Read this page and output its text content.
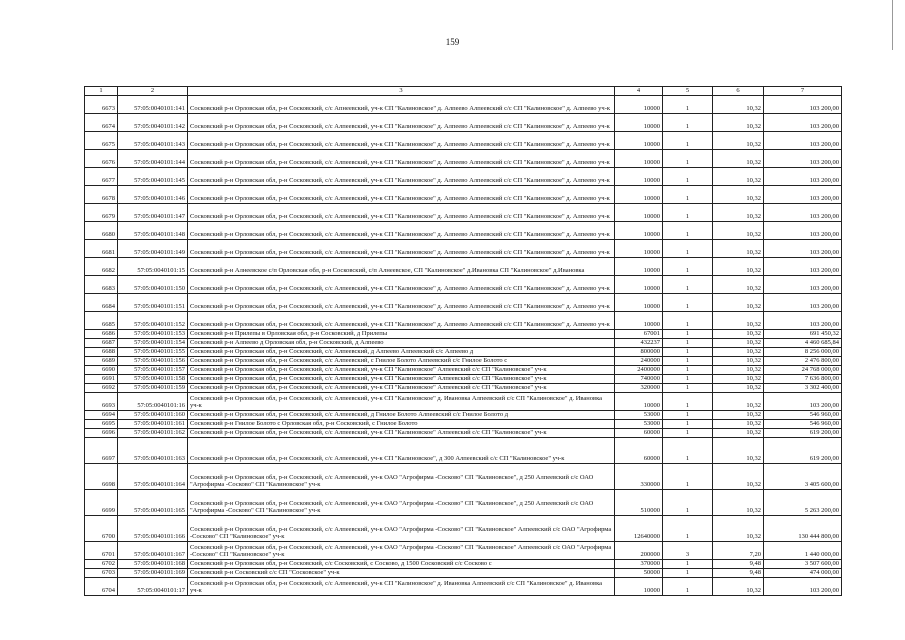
159
1	2	3	4	5	6	7
6673	57:05:0040101:141	Сосковский р-н Орловская обл, р-н Сосковский, с/с Апнеевский, уч-к СП "Калиновское" д. Алпеево Алпеевский с/с СП "Калиновское" д. Алпеево уч-к	10000	1	10,32	103 200,00
6674	57:05:0040101:142	Сосковский р-н Орловская обл, р-н Сосковский, с/с Алпеевский, уч-к СП "Калиновское" д. Алпеево Алпеевский с/с СП "Калиновское" д. Алпеево уч-к	10000	1	10,32	103 200,00
6675	57:05:0040101:143	Сосковский р-н Орловская обл, р-н Сосковский, с/с Алпеевский, уч-к СП "Калиновское" д. Алпеево Алпеевский с/с СП "Калиновское" д. Алпеево уч-к	10000	1	10,32	103 200,00
6676	57:05:0040101:144	Сосковский р-н Орловская обл, р-н Сосковский, с/с Алпеевский, уч-к СП "Калиновское" д. Алпеево Алпеевский с/с СП "Калиновское" д. Алпеево уч-к	10000	1	10,32	103 200,00
6677	57:05:0040101:145	Сосковский р-н Орловская обл, р-н Сосковский, с/с Алпеевский, уч-к СП "Калиновское" д. Алпеево Алпеевский с/с СП "Калиновское" д. Алпеево уч-к	10000	1	10,32	103 200,00
6678	57:05:0040101:146	Сосковский р-н Орловская обл, р-н Сосковский, с/с Алпеевский, уч-к СП "Калиновское" д. Алпеево Алпеевский с/с СП "Калиновское" д. Алпеево уч-к	10000	1	10,32	103 200,00
6679	57:05:0040101:147	Сосковский р-н Орловская обл, р-н Сосковский, с/с Алпеевский, уч-к СП "Калиновское" д. Алпеево Алпеевский с/с СП "Калиновское" д. Алпеево уч-к	10000	1	10,32	103 200,00
6680	57:05:0040101:148	Сосковский р-н Орловская обл, р-н Сосковский, с/с Алпеевский, уч-к СП "Калиновское" д. Алпеево Алпеевский с/с СП "Калиновское" д. Алпеево уч-к	10000	1	10,32	103 200,00
6681	57:05:0040101:149	Сосковский р-н Орловская обл, р-н Сосковский, с/с Алпеевский, уч-к СП "Калиновское" д. Алпеево Алпеевский с/с СП "Калиновское" д. Алпеево уч-к	10000	1	10,32	103 200,00
6682	57:05:0040101:15	Сосковский р-н Алнеевское с/п Орловская обл, р-н Сосковский, с/п Алнеевское, СП "Калиновское" д.Ивановка СП "Калиновское" д.Ивановка	10000	1	10,32	103 200,00
6683	57:05:0040101:150	Сосковский р-н Орловская обл, р-н Сосковский, с/с Алпеевский, уч-к СП "Калиновское" д. Алпеево Алпеевский с/с СП "Калиновское" д. Алпеево уч-к	10000	1	10,32	103 200,00
6684	57:05:0040101:151	Сосковский р-н Орловская обл, р-н Сосковский, с/с Алпеевский, уч-к СП "Калиновское" д. Алпеево Алпеевский с/с СП "Калиновское" д. Алпеево уч-к	10000	1	10,32	103 200,00
6685	57:05:0040101:152	Сосковский р-н Орловская обл, р-н Сосковский, с/с Алпеевский, уч-к СП "Калиновское" д. Алпеево Алпеевский с/с СП "Калиновское" д. Алпеево уч-к	10000	1	10,32	103 200,00
6686	57:05:0040101:153	Сосковский р-н Прилепы в Орловская обл, р-н Сосковский, д Прилепы	67001	1	10,32	691 450,32
6687	57:05:0040101:154	Сосковский р-н Алпеево д Орловская обл, р-н Сосковский, д Алпеево	432237	1	10,32	4 460 685,84
6688	57:05:0040101:155	Сосковский р-н Орловская обл, р-н Сосковский, с/с Алпеевский, д Алпеево Алпеевский с/с Алпеево д	800000	1	10,32	8 256 000,00
6689	57:05:0040101:156	Сосковский р-н Орловская обл, р-н Сосковский, с/с Алпеевский, с Гнилое Болото Алпеевский с/с Гнилое Болото с	240000	1	10,32	2 476 800,00
6690	57:05:0040101:157	Сосковский р-н Орловская обл, р-н Сосковский, с/с Алпеевский, уч-к СП "Калиновское" Алпеевский с/с СП "Калиновское" уч-к	2400000	1	10,32	24 768 000,00
6691	57:05:0040101:158	Сосковский р-н Орловская обл, р-н Сосковский, с/с Алпеевский, уч-к СП "Калиновское" Алпеевский с/с СП "Калиновское" уч-к	740000	1	10,32	7 636 800,00
6692	57:05:0040101:159	Сосковский р-н Орловская обл, р-н Сосковский, с/с Алпеевский, уч-к СП "Калиновское" Алпеевский с/с СП "Калиновское" уч-к	320000	1	10,32	3 302 400,00
6693	57:05:0040101:16	Сосковский р-н Орловская обл, р-н Сосковский, с/с Алпеевский, уч-к СП "Калиновское" д. Ивановка Алпеевский с/с СП "Калиновское" д. Ивановка уч-к	10000	1	10,32	103 200,00
6694	57:05:0040101:160	Сосковский р-н Орловская обл, р-н Сосковский, с/с Алпеевский, д Гнилое Болото Алпеевский с/с Гнилое Болото д	53000	1	10,32	546 960,00
6695	57:05:0040101:161	Сосковский р-н Гнилое Болото с Орловская обл, р-н Сосковский, с Гнилое Болото	53000	1	10,32	546 960,00
6696	57:05:0040101:162	Сосковский р-н Орловская обл, р-н Сосковский, с/с Алпеевский, уч-к СП "Калиновское" Алпеевский с/с СП "Калиновское" уч-к	60000	1	10,32	619 200,00
6697	57:05:0040101:163	Сосковский р-н Орловская обл, р-н Сосковский, с/с Алпеевский, уч-к СП "Калиновское", д 300 Алпеевский с/с СП "Калиновское" уч-к	60000	1	10,32	619 200,00
6698	57:05:0040101:164	Сосковский р-н Орловская обл, р-н Сосковский, с/с Алпеевский, уч-к ОАО "Агрофирма -Сосково" СП "Калиновское", д 250 Алпеевский с/с ОАО "Агрофирма -Сосково" СП "Калиновское" уч-к	330000	1	10,32	3 405 600,00
6699	57:05:0040101:165	Сосковский р-н Орловская обл, р-н Сосковский, с/с Алпеевский, уч-к ОАО "Агрофирма -Сосково" СП "Калиновское", д 250 Алпеевский с/с ОАО "Агрофирма -Сосково" СП "Калиновское" уч-к	510000	1	10,32	5 263 200,00
6700	57:05:0040101:166	Сосковский р-н Орловская обл, р-н Сосковский, с/с Алпеевский, уч-к ОАО "Агрофирма -Сосково" СП "Калиновское" Алпеевский с/с ОАО "Агрофирма -Сосково" СП "Калиновское" уч-к	12640000	1	10,32	130 444 800,00
6701	57:05:0040101:167	Сосковский р-н Орловская обл, р-н Сосковский, с/с Алпеевский, уч-к ОАО "Агрофирма -Сосково" СП "Калиновское" Алпеевский с/с ОАО "Агрофирма -Сосково" СП "Калиновское" уч-к	200000	3	7,20	1 440 000,00
6702	57:05:0040101:168	Сосковский р-н Орловская обл, р-н Сосковский, с/с Сосковский, с Сосково, д 1500 Сосковский с/с Сосково с	370000	1	9,48	3 507 600,00
6703	57:05:0040101:169	Сосковский р-н Сосковский с/с СП "Сосковское" уч-к	50000	1	9,48	474 000,00
6704	57:05:0040101:17	Сосковский р-н Орловская обл, р-н Сосковский, с/с Алпеевский, уч-к СП "Калиновское" д. Ивановка Алпеевский с/с СП "Калиновское" д. Ивановка уч-к	10000	1	10,32	103 200,00
